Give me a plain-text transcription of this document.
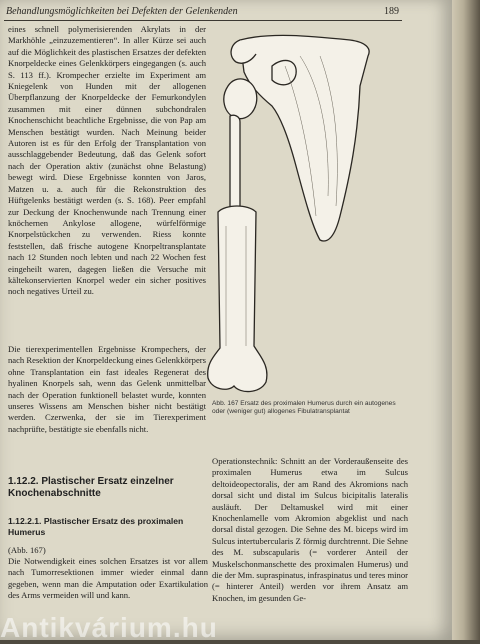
Behandlungsmöglichkeiten bei Defekten der Gelenkenden	189

eines schnell polymerisierenden Akrylats in der Markhöhle „einzuzementieren“. In aller Kürze sei auch auf die Möglichkeit des plastischen Ersatzes der defekten Knorpeldecke eines Gelenkkörpers eingegangen (s. auch S. 113 ff.). Krompecher erzielte im Experiment am Kniegelenk von Hunden mit der allogenen Überpflanzung der Knorpeldecke der Femurkondylen zusammen mit einer dünnen subchondralen Knochenschicht beachtliche Ergebnisse, die von Pap am Menschen bestätigt wurden. Nach Meinung beider Autoren ist es für den Erfolg der Transplantation von ausschlaggebender Bedeutung, daß das Gelenk sofort nach der Operation aktiv (zunächst ohne Belastung) bewegt wird. Diese Ergebnisse konnten von Jaros, Matzen u. a. auch für die Rekonstruktion des Hüftgelenks bestätigt werden (s. S. 168). Peer empfahl zur Deckung der Knochenwunde nach Trennung einer knöchernen Ankylose allogene, würfelförmige Knorpelstückchen zu verwenden. Riess konnte feststellen, daß frische autogene Knorpeltransplantate nach 12 Stunden noch lebten und nach 22 Wochen fest eingeheilt waren, dagegen ließen die Versuche mit kältekonservierten Knorpel weder ein sicher positives noch negatives Urteil zu.

Die tierexperimentellen Ergebnisse Krompechers, der nach Resektion der Knorpeldeckung eines Gelenkkörpers ohne Transplantation ein fast ideales Regenerat des hyalinen Knorpels sah, wenn das Gelenk unmittelbar nach der Operation funktionell belastet wurde, konnten unseres Wissens am Menschen bisher nicht bestätigt werden. Czerwenka, der sie im Tierexperiment nachprüfte, bestätigte sie ebenfalls nicht.

Abb. 167 Ersatz des proximalen Humerus durch ein autogenes oder (weniger gut) allogenes Fibulatransplantat

1.12.2. Plastischer Ersatz einzelner Knochenabschnitte
1.12.2.1. Plastischer Ersatz des proximalen Humerus

(Abb. 167)

Die Notwendigkeit eines solchen Ersatzes ist vor allem nach Tumorresektionen immer wieder einmal dann gegeben, wenn man die Amputation oder Exartikulation des Arms vermeiden will und kann.

Operationstechnik: Schnitt an der Vorderaußenseite des proximalen Humerus etwa im Sulcus deltoideopectoralis, der am Rand des Akromions nach dorsal sicht und distal im Sulcus bicipitalis lateralis ausläuft. Der Deltamuskel wird mit einer Knochenlamelle vom Akromion abgeklist und nach dorsal distal gezogen. Die Sehne des M. biceps wird im Sulcus intertubercularis Z förmig durchtrennt. Die Sehne des M. subscapularis (= vorderer Anteil der Muskelschonmanschette des proximalen Humerus) und die der Mm. supraspinatus, infraspinatus und teres minor (= hinterer Anteil) werden vor ihrem Ansatz am Knochen, im gesunden Ge-

Antikvárium.hu
